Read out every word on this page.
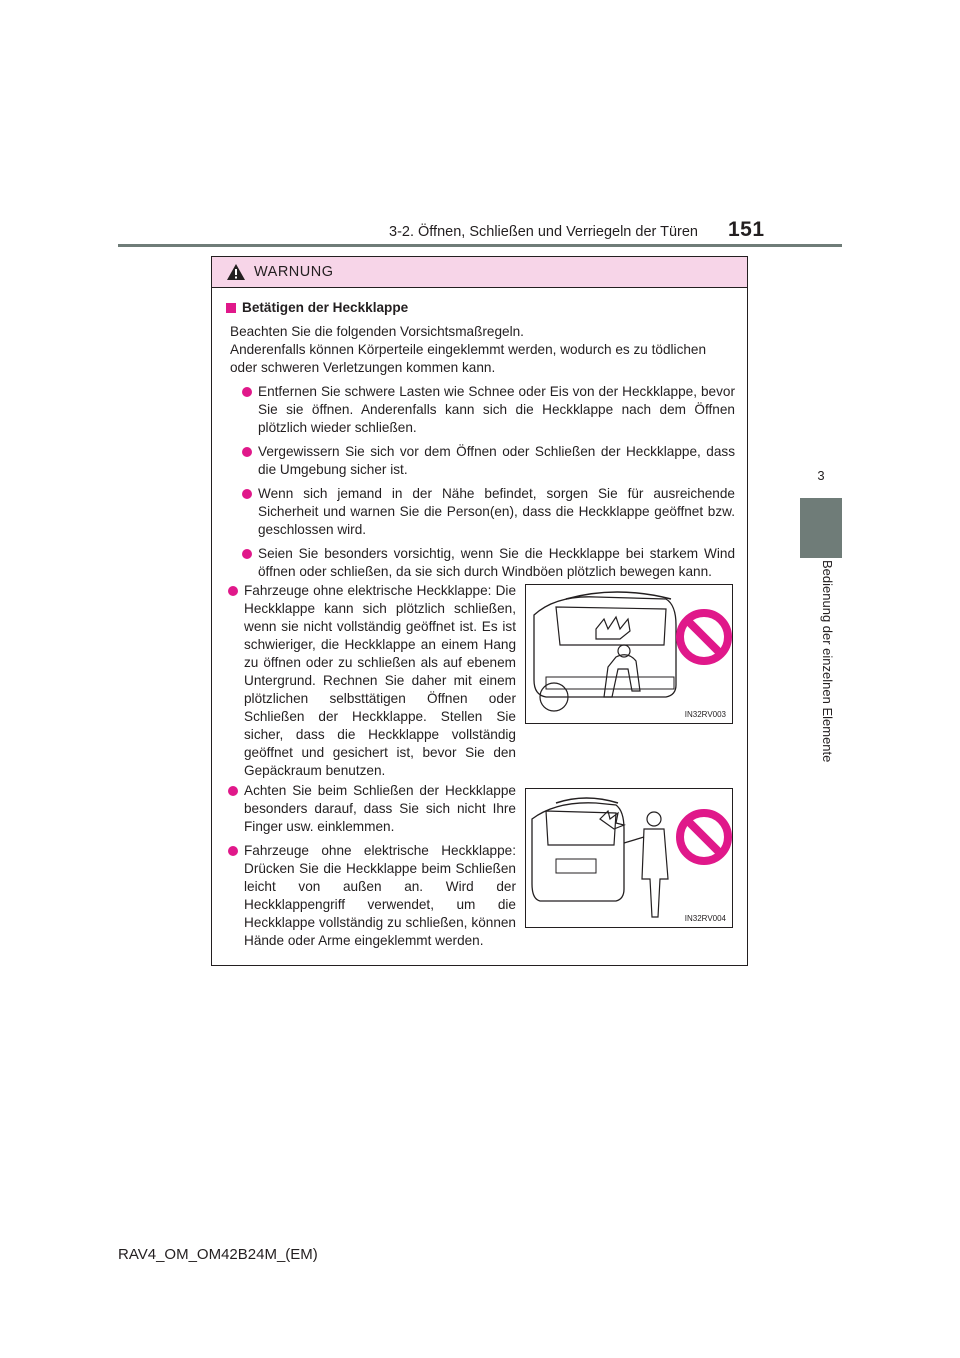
3-2. Öffnen, Schließen und Verriegeln der Türen 151
3
Bedienung der einzelnen Elemente
WARNUNG
Betätigen der Heckklappe
Beachten Sie die folgenden Vorsichtsmaßregeln.
Anderenfalls können Körperteile eingeklemmt werden, wodurch es zu tödlichen oder schweren Verletzungen kommen kann.
Entfernen Sie schwere Lasten wie Schnee oder Eis von der Heckklappe, bevor Sie sie öffnen. Anderenfalls kann sich die Heckklappe nach dem Öffnen plötzlich wieder schließen.
Vergewissern Sie sich vor dem Öffnen oder Schließen der Heckklappe, dass die Umgebung sicher ist.
Wenn sich jemand in der Nähe befindet, sorgen Sie für ausreichende Sicherheit und warnen Sie die Person(en), dass die Heckklappe geöffnet bzw. geschlossen wird.
Seien Sie besonders vorsichtig, wenn Sie die Heckklappe bei starkem Wind öffnen oder schließen, da sie sich durch Windböen plötzlich bewegen kann.
Fahrzeuge ohne elektrische Heckklappe: Die Heckklappe kann sich plötzlich schließen, wenn sie nicht vollständig geöffnet ist. Es ist schwieriger, die Heckklappe an einem Hang zu öffnen oder zu schließen als auf ebenem Untergrund. Rechnen Sie daher mit einem plötzlichen selbsttätigen Öffnen oder Schließen der Heckklappe. Stellen Sie sicher, dass die Heckklappe vollständig geöffnet und gesichert ist, bevor Sie den Gepäckraum benutzen.
Achten Sie beim Schließen der Heckklappe besonders darauf, dass Sie sich nicht Ihre Finger usw. einklemmen.
Fahrzeuge ohne elektrische Heckklappe: Drücken Sie die Heckklappe beim Schließen leicht von außen an. Wird der Heckklappengriff verwendet, um die Heckklappe vollständig zu schließen, können Hände oder Arme eingeklemmt werden.
IN32RV003
IN32RV004
RAV4_OM_OM42B24M_(EM)
